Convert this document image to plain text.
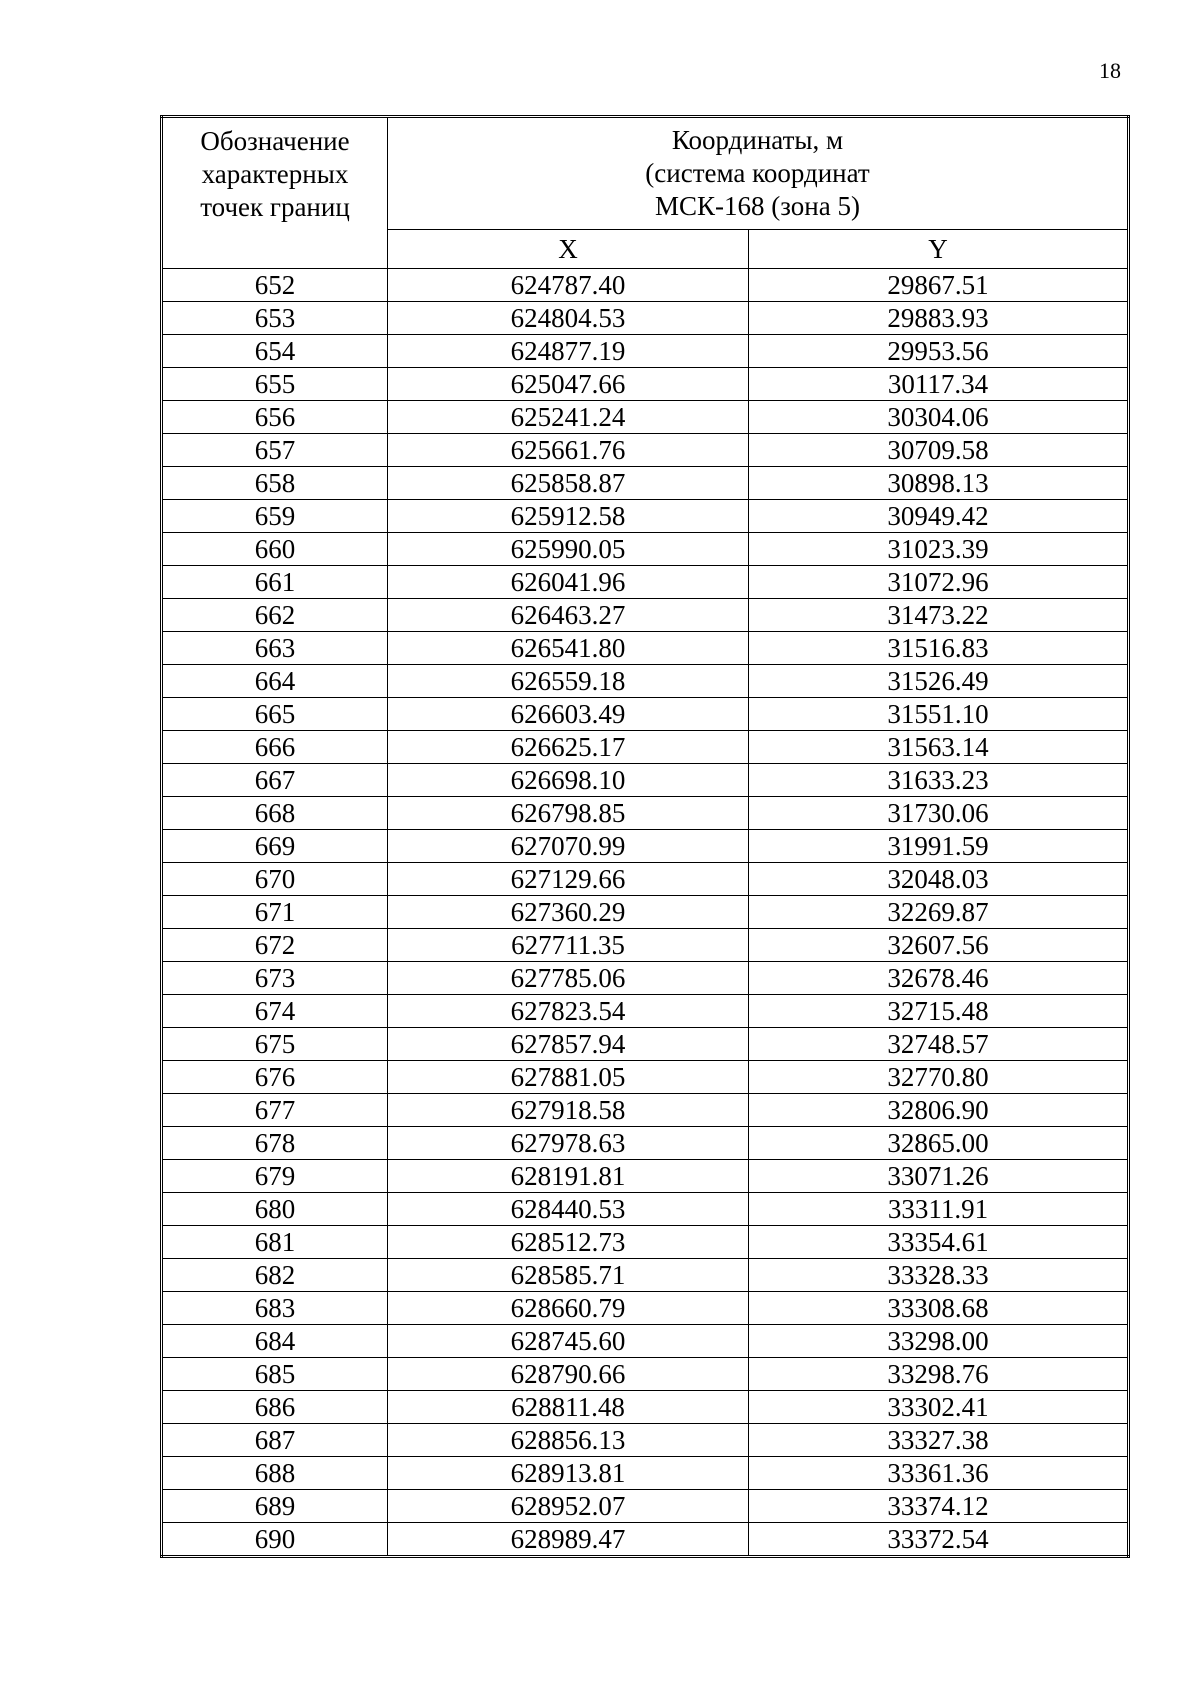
18
Обозначение
характерных
точек границ	Координаты, м
(система координат
МСК-168 (зона 5)	

	X	Y
652	624787.40	29867.51
653	624804.53	29883.93
654	624877.19	29953.56
655	625047.66	30117.34
656	625241.24	30304.06
657	625661.76	30709.58
658	625858.87	30898.13
659	625912.58	30949.42
660	625990.05	31023.39
661	626041.96	31072.96
662	626463.27	31473.22
663	626541.80	31516.83
664	626559.18	31526.49
665	626603.49	31551.10
666	626625.17	31563.14
667	626698.10	31633.23
668	626798.85	31730.06
669	627070.99	31991.59
670	627129.66	32048.03
671	627360.29	32269.87
672	627711.35	32607.56
673	627785.06	32678.46
674	627823.54	32715.48
675	627857.94	32748.57
676	627881.05	32770.80
677	627918.58	32806.90
678	627978.63	32865.00
679	628191.81	33071.26
680	628440.53	33311.91
681	628512.73	33354.61
682	628585.71	33328.33
683	628660.79	33308.68
684	628745.60	33298.00
685	628790.66	33298.76
686	628811.48	33302.41
687	628856.13	33327.38
688	628913.81	33361.36
689	628952.07	33374.12
690	628989.47	33372.54
